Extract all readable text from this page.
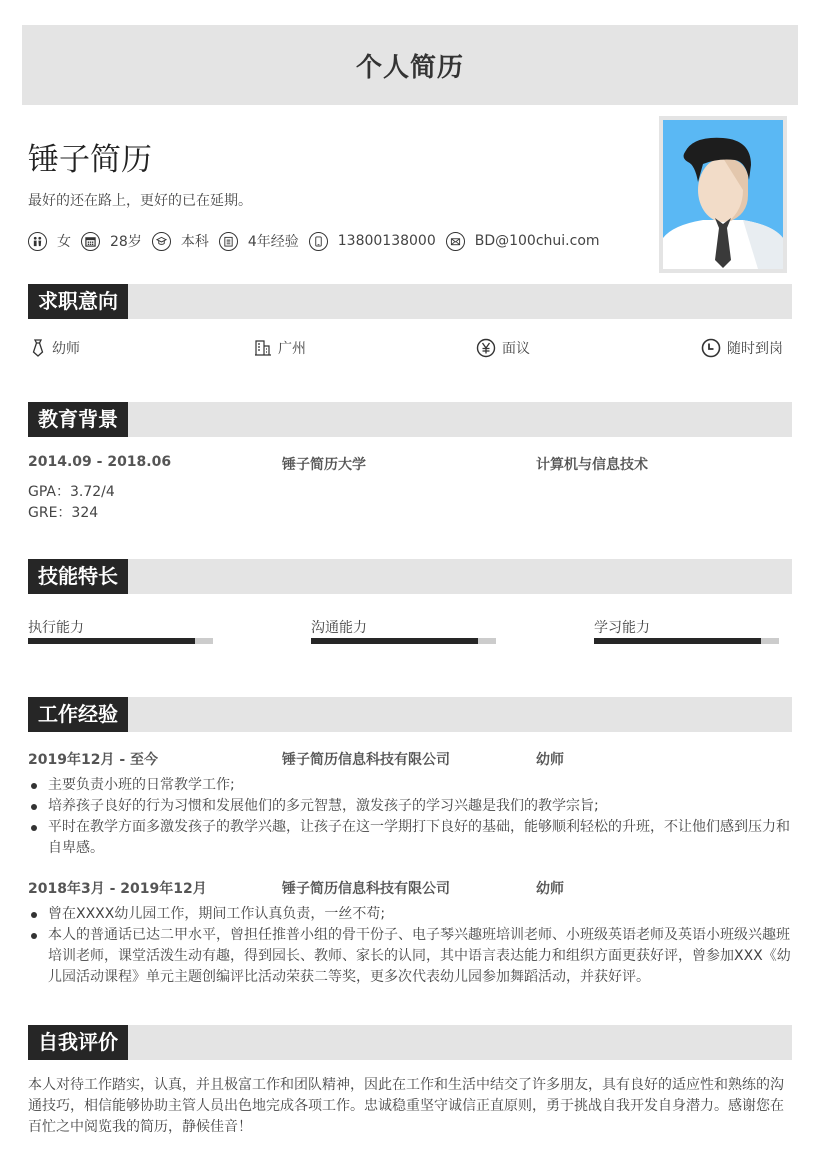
个人简历
锤子简历
最好的还在路上，更好的已在延期。
女	28岁	本科	4年经验	13800138000	BD@100chui.com
求职意向
幼师	广州	面议	随时到岗
教育背景
2014.09 - 2018.06	锤子简历大学	计算机与信息技术
GPA：3.72/4
GRE：324
技能特长
执行能力	沟通能力	学习能力
工作经验
2019年12月 - 至今	锤子简历信息科技有限公司	幼师
主要负责小班的日常教学工作;
培养孩子良好的行为习惯和发展他们的多元智慧，激发孩子的学习兴趣是我们的教学宗旨;
平时在教学方面多激发孩子的教学兴趣，让孩子在这一学期打下良好的基础，能够顺利轻松的升班，不让他们感到压力和自卑感。
2018年3月 - 2019年12月	锤子简历信息科技有限公司	幼师
曾在XXXX幼儿园工作，期间工作认真负责，一丝不苟;
本人的普通话已达二甲水平，曾担任推普小组的骨干份子、电子琴兴趣班培训老师、小班级英语老师及英语小班级兴趣班培训老师，课堂活泼生动有趣，得到园长、教师、家长的认同，其中语言表达能力和组织方面更获好评，曾参加XXX《幼儿园活动课程》单元主题创编评比活动荣获二等奖，更多次代表幼儿园参加舞蹈活动，并获好评。
自我评价
本人对待工作踏实，认真，并且极富工作和团队精神，因此在工作和生活中结交了许多朋友，具有良好的适应性和熟练的沟通技巧，相信能够协助主管人员出色地完成各项工作。忠诚稳重坚守诚信正直原则，勇于挑战自我开发自身潜力。感谢您在百忙之中阅览我的简历，静候佳音！
